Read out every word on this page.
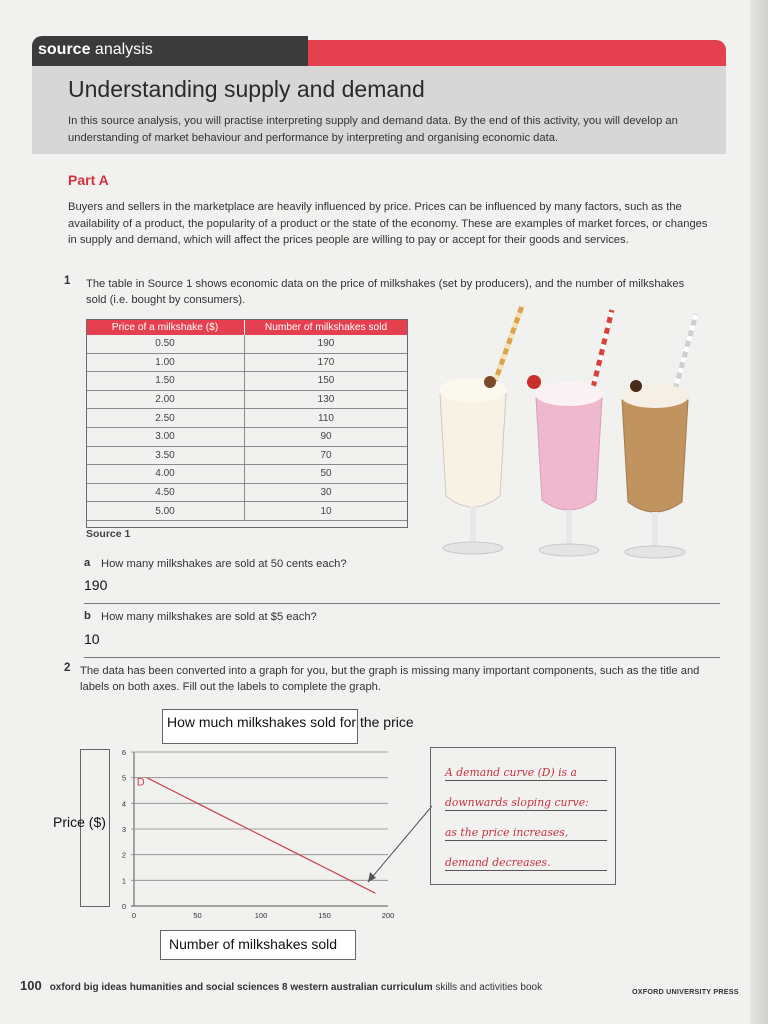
source analysis
Understanding supply and demand
In this source analysis, you will practise interpreting supply and demand data. By the end of this activity, you will develop an understanding of market behaviour and performance by interpreting and organising economic data.
Part A
Buyers and sellers in the marketplace are heavily influenced by price. Prices can be influenced by many factors, such as the availability of a product, the popularity of a product or the state of the economy. These are examples of market forces, or changes in supply and demand, which will affect the prices people are willing to pay or accept for their goods and services.
1 The table in Source 1 shows economic data on the price of milkshakes (set by producers), and the number of milkshakes sold (i.e. bought by consumers).
Price of a milkshake ($)	Number of milkshakes sold
0.50	190
1.00	170
1.50	150
2.00	130
2.50	110
3.00	90
3.50	70
4.00	50
4.50	30
5.00	10
Source 1
a How many milkshakes are sold at 50 cents each?
190
b How many milkshakes are sold at $5 each?
10
2 The data has been converted into a graph for you, but the graph is missing many important components, such as the title and labels on both axes. Fill out the labels to complete the graph.
How much milkshakes sold for the price
Price ($)
0
1
2
3
4
5
6
0	50	100	150	200
D
Number of milkshakes sold
A demand curve (D) is a
downwards sloping curve:
as the price increases,
demand decreases.
100 oxford big ideas humanities and social sciences 8 western australian curriculum skills and activities book	OXFORD UNIVERSITY PRESS
